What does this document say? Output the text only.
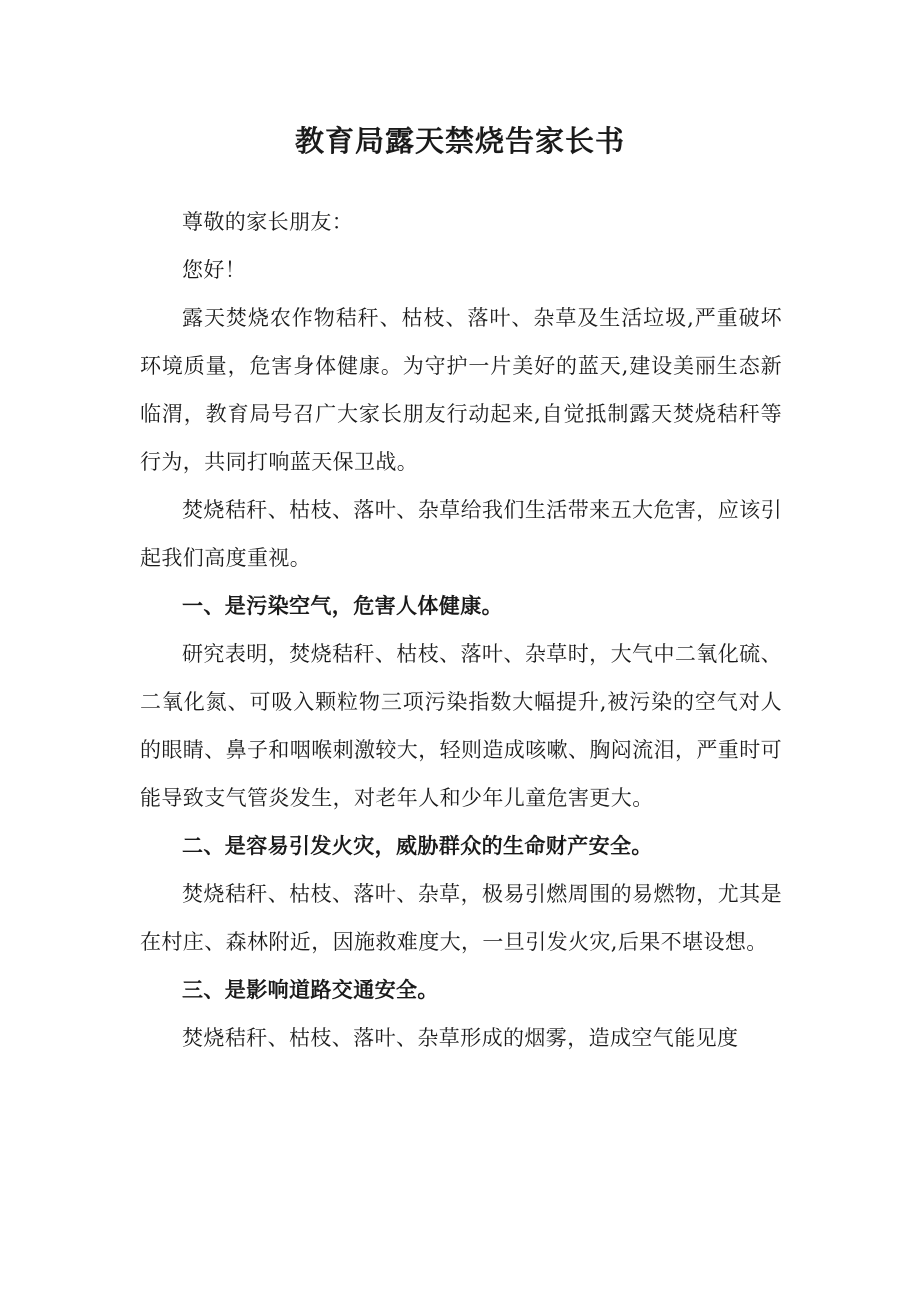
教育局露天禁烧告家长书

尊敬的家长朋友：

您好！

露天焚烧农作物秸秆、枯枝、落叶、杂草及生活垃圾,严重破坏环境质量，危害身体健康。为守护一片美好的蓝天,建设美丽生态新临渭，教育局号召广大家长朋友行动起来,自觉抵制露天焚烧秸秆等行为，共同打响蓝天保卫战。

焚烧秸秆、枯枝、落叶、杂草给我们生活带来五大危害，应该引起我们高度重视。

一、是污染空气，危害人体健康。

研究表明，焚烧秸秆、枯枝、落叶、杂草时，大气中二氧化硫、二氧化氮、可吸入颗粒物三项污染指数大幅提升,被污染的空气对人的眼睛、鼻子和咽喉刺激较大，轻则造成咳嗽、胸闷流泪，严重时可能导致支气管炎发生，对老年人和少年儿童危害更大。

二、是容易引发火灾，威胁群众的生命财产安全。

焚烧秸秆、枯枝、落叶、杂草，极易引燃周围的易燃物，尤其是在村庄、森林附近，因施救难度大，一旦引发火灾,后果不堪设想。

三、是影响道路交通安全。

焚烧秸秆、枯枝、落叶、杂草形成的烟雾，造成空气能见度
